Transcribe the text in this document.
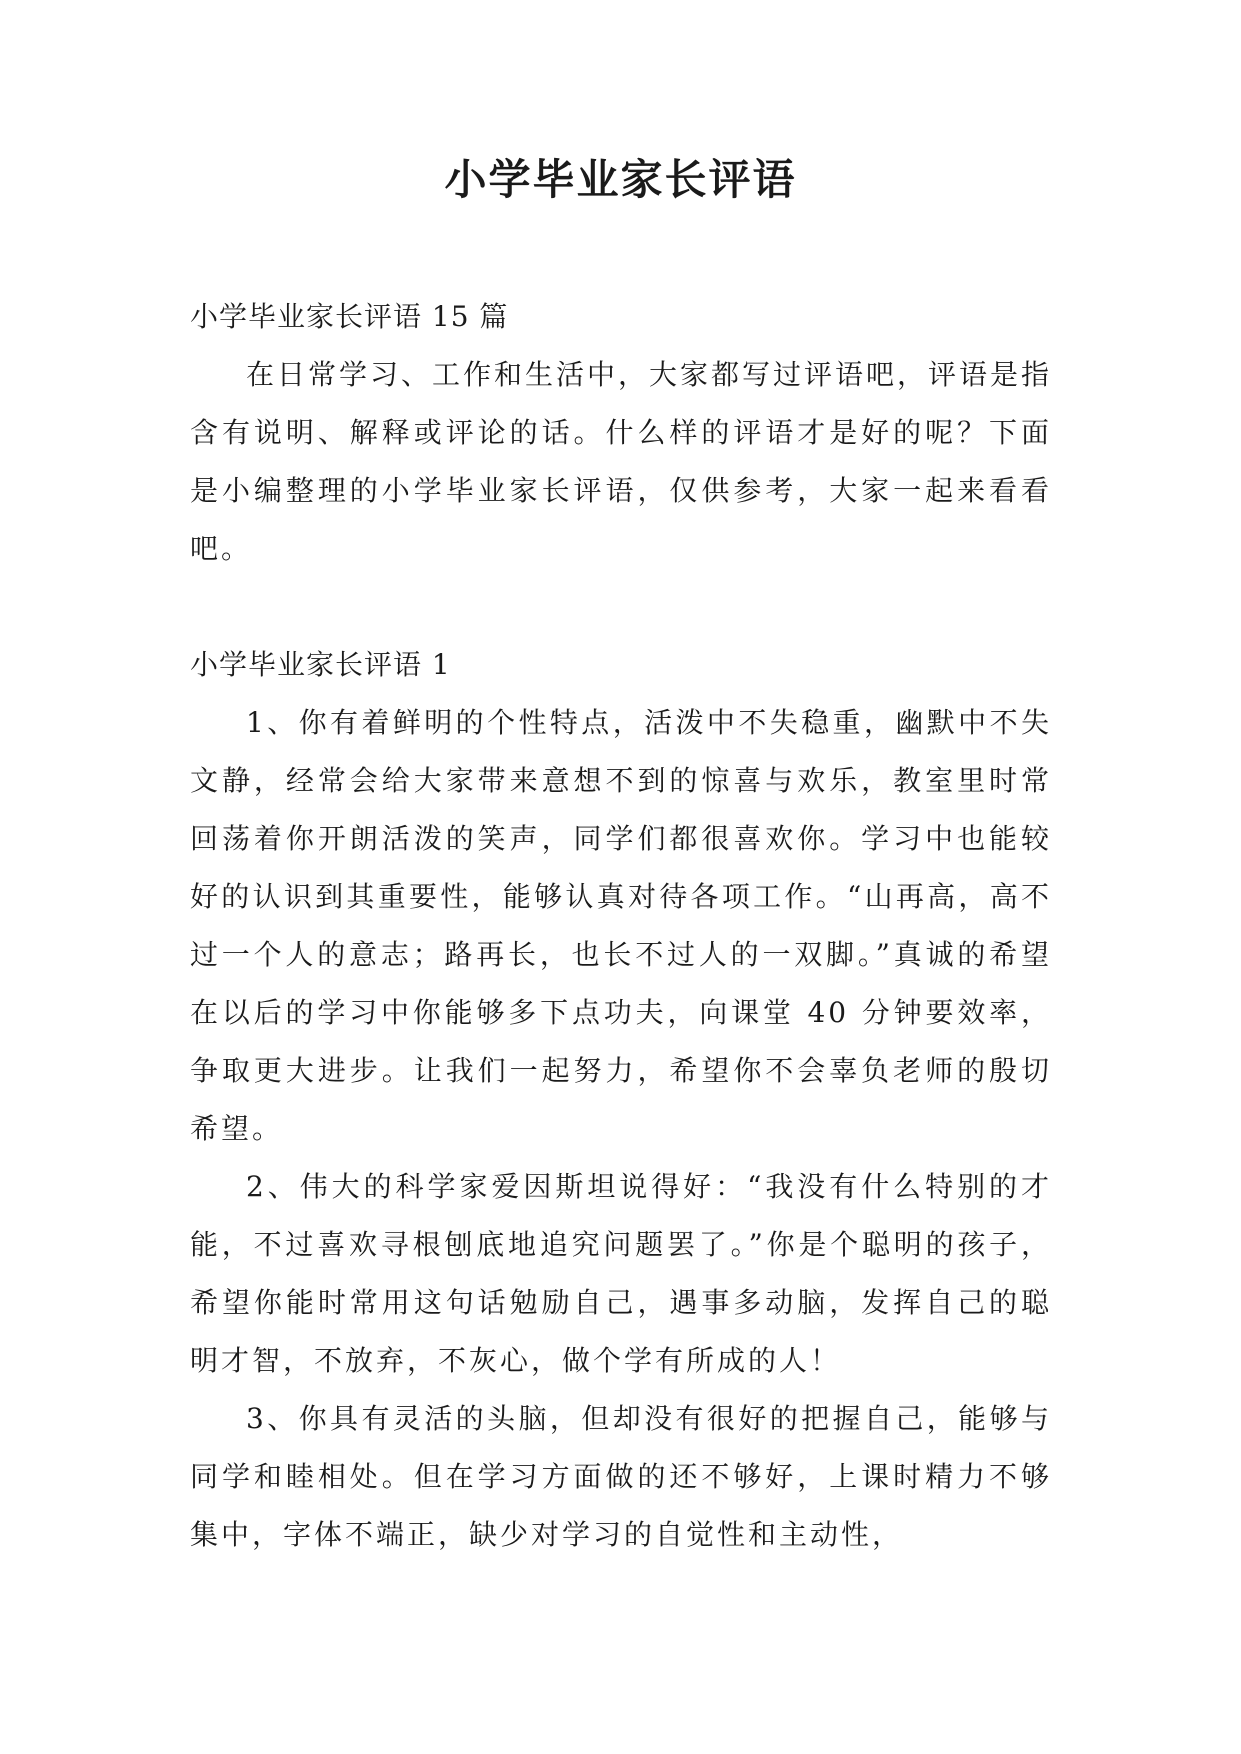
小学毕业家长评语

小学毕业家长评语 15 篇

在日常学习、工作和生活中，大家都写过评语吧，评语是指含有说明、解释或评论的话。什么样的评语才是好的呢？下面是小编整理的小学毕业家长评语，仅供参考，大家一起来看看吧。

小学毕业家长评语 1

1、你有着鲜明的个性特点，活泼中不失稳重，幽默中不失文静，经常会给大家带来意想不到的惊喜与欢乐，教室里时常回荡着你开朗活泼的笑声，同学们都很喜欢你。学习中也能较好的认识到其重要性，能够认真对待各项工作。“山再高，高不过一个人的意志；路再长，也长不过人的一双脚。”真诚的希望在以后的学习中你能够多下点功夫，向课堂 40 分钟要效率，争取更大进步。让我们一起努力，希望你不会辜负老师的殷切希望。

2、伟大的科学家爱因斯坦说得好：“我没有什么特别的才能，不过喜欢寻根刨底地追究问题罢了。”你是个聪明的孩子，希望你能时常用这句话勉励自己，遇事多动脑，发挥自己的聪明才智，不放弃，不灰心，做个学有所成的人！

3、你具有灵活的头脑，但却没有很好的把握自己，能够与同学和睦相处。但在学习方面做的还不够好，上课时精力不够集中，字体不端正，缺少对学习的自觉性和主动性，
